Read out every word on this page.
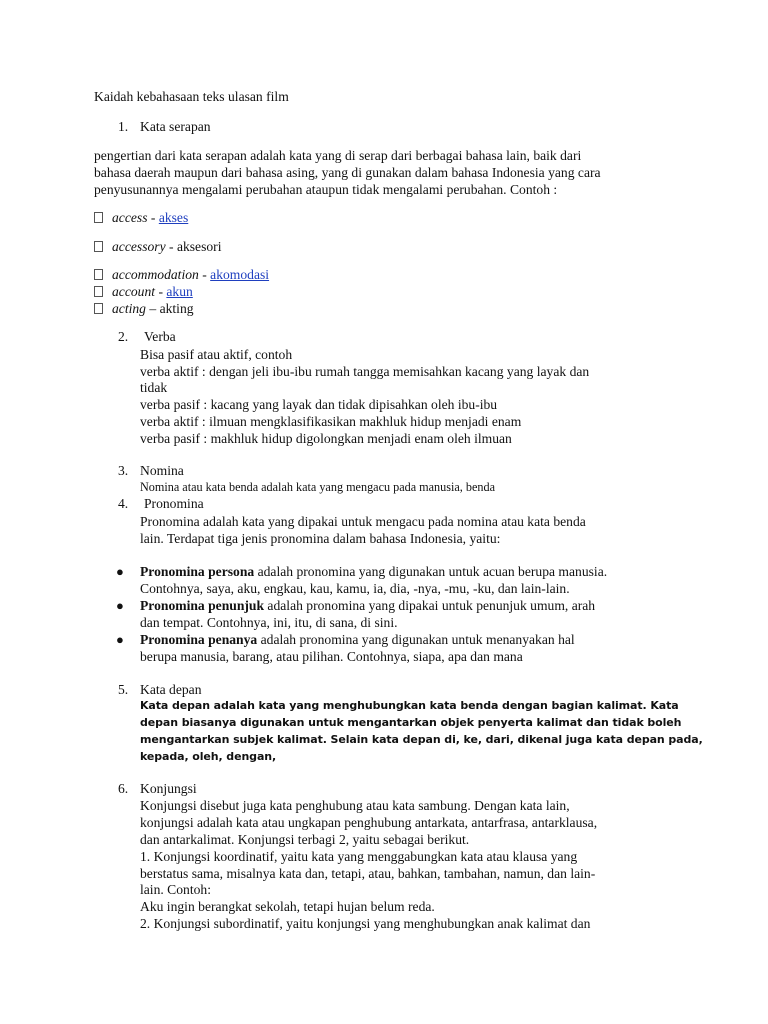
Kaidah kebahasaan teks ulasan film
1. Kata serapan
pengertian dari kata serapan adalah kata yang di serap dari berbagai bahasa lain, baik dari
bahasa daerah maupun dari bahasa asing, yang di gunakan dalam bahasa Indonesia yang cara
penyusunannya mengalami perubahan ataupun tidak mengalami perubahan. Contoh :
access - akses
accessory - aksesori
accommodation - akomodasi
account - akun
acting – akting
2. Verba
Bisa pasif atau aktif, contoh
verba aktif : dengan jeli ibu-ibu rumah tangga memisahkan kacang yang layak dan
tidak
verba pasif : kacang yang layak dan tidak dipisahkan oleh ibu-ibu
verba aktif : ilmuan mengklasifikasikan makhluk hidup menjadi enam
verba pasif : makhluk hidup digolongkan menjadi enam oleh ilmuan
3. Nomina
Nomina atau kata benda adalah kata yang mengacu pada manusia, benda
4. Pronomina
Pronomina adalah kata yang dipakai untuk mengacu pada nomina atau kata benda
lain. Terdapat tiga jenis pronomina dalam bahasa Indonesia, yaitu:
● Pronomina persona adalah pronomina yang digunakan untuk acuan berupa manusia.
Contohnya, saya, aku, engkau, kau, kamu, ia, dia, -nya, -mu, -ku, dan lain-lain.
● Pronomina penunjuk adalah pronomina yang dipakai untuk penunjuk umum, arah
dan tempat. Contohnya, ini, itu, di sana, di sini.
● Pronomina penanya adalah pronomina yang digunakan untuk menanyakan hal
berupa manusia, barang, atau pilihan. Contohnya, siapa, apa dan mana
5. Kata depan
Kata depan adalah kata yang menghubungkan kata benda dengan bagian kalimat. Kata
depan biasanya digunakan untuk mengantarkan objek penyerta kalimat dan tidak boleh
mengantarkan subjek kalimat. Selain kata depan di, ke, dari, dikenal juga kata depan pada,
kepada, oleh, dengan,
6. Konjungsi
Konjungsi disebut juga kata penghubung atau kata sambung. Dengan kata lain,
konjungsi adalah kata atau ungkapan penghubung antarkata, antarfrasa, antarklausa,
dan antarkalimat. Konjungsi terbagi 2, yaitu sebagai berikut.
1. Konjungsi koordinatif, yaitu kata yang menggabungkan kata atau klausa yang
berstatus sama, misalnya kata dan, tetapi, atau, bahkan, tambahan, namun, dan lain-
lain. Contoh:
Aku ingin berangkat sekolah, tetapi hujan belum reda.
2. Konjungsi subordinatif, yaitu konjungsi yang menghubungkan anak kalimat dan
